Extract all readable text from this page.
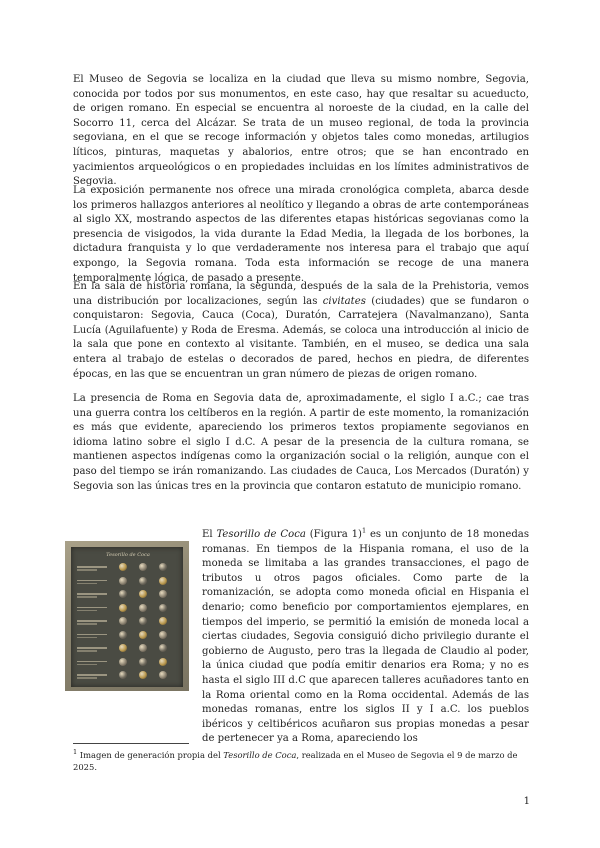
El Museo de Segovia se localiza en la ciudad que lleva su mismo nombre, Segovia, conocida por todos por sus monumentos, en este caso, hay que resaltar su acueducto, de origen romano. En especial se encuentra al noroeste de la ciudad, en la calle del Socorro 11, cerca del Alcázar. Se trata de un museo regional, de toda la provincia segoviana, en el que se recoge información y objetos tales como monedas, artilugios líticos, pinturas, maquetas y abalorios, entre otros; que se han encontrado en yacimientos arqueológicos o en propiedades incluidas en los límites administrativos de Segovia.

La exposición permanente nos ofrece una mirada cronológica completa, abarca desde los primeros hallazgos anteriores al neolítico y llegando a obras de arte contemporáneas al siglo XX, mostrando aspectos de las diferentes etapas históricas segovianas como la presencia de visigodos, la vida durante la Edad Media, la llegada de los borbones, la dictadura franquista y lo que verdaderamente nos interesa para el trabajo que aquí expongo, la Segovia romana. Toda esta información se recoge de una manera temporalmente lógica, de pasado a presente.

En la sala de historia romana, la segunda, después de la sala de la Prehistoria, vemos una distribución por localizaciones, según las civitates (ciudades) que se fundaron o conquistaron: Segovia, Cauca (Coca), Duratón, Carratejera (Navalmanzano), Santa Lucía (Aguilafuente) y Roda de Eresma. Además, se coloca una introducción al inicio de la sala que pone en contexto al visitante. También, en el museo, se dedica una sala entera al trabajo de estelas o decorados de pared, hechos en piedra, de diferentes épocas, en las que se encuentran un gran número de piezas de origen romano.

La presencia de Roma en Segovia data de, aproximadamente, el siglo I a.C.; cae tras una guerra contra los celtíberos en la región. A partir de este momento, la romanización es más que evidente, apareciendo los primeros textos propiamente segovianos en idioma latino sobre el siglo I d.C. A pesar de la presencia de la cultura romana, se mantienen aspectos indígenas como la organización social o la religión, aunque con el paso del tiempo se irán romanizando. Las ciudades de Cauca, Los Mercados (Duratón) y Segovia son las únicas tres en la provincia que contaron estatuto de municipio romano.

Tesorillo de Coca

El Tesorillo de Coca (Figura 1)$^1$ es un conjunto de 18 monedas romanas. En tiempos de la Hispania romana, el uso de la moneda se limitaba a las grandes transacciones, el pago de tributos u otros pagos oficiales. Como parte de la romanización, se adopta como moneda oficial en Hispania el denario; como beneficio por comportamientos ejemplares, en tiempos del imperio, se permitió la emisión de moneda local a ciertas ciudades, Segovia consiguió dicho privilegio durante el gobierno de Augusto, pero tras la llegada de Claudio al poder, la única ciudad que podía emitir denarios era Roma; y no es hasta el siglo III d.C que aparecen talleres acuñadores tanto en la Roma oriental como en la Roma occidental. Además de las monedas romanas, entre los siglos II y I a.C. los pueblos ibéricos y celtibéricos acuñaron sus propias monedas a pesar de pertenecer ya a Roma, apareciendo los

$^1$ Imagen de generación propia del Tesorillo de Coca, realizada en el Museo de Segovia el 9 de marzo de 2025.

1
